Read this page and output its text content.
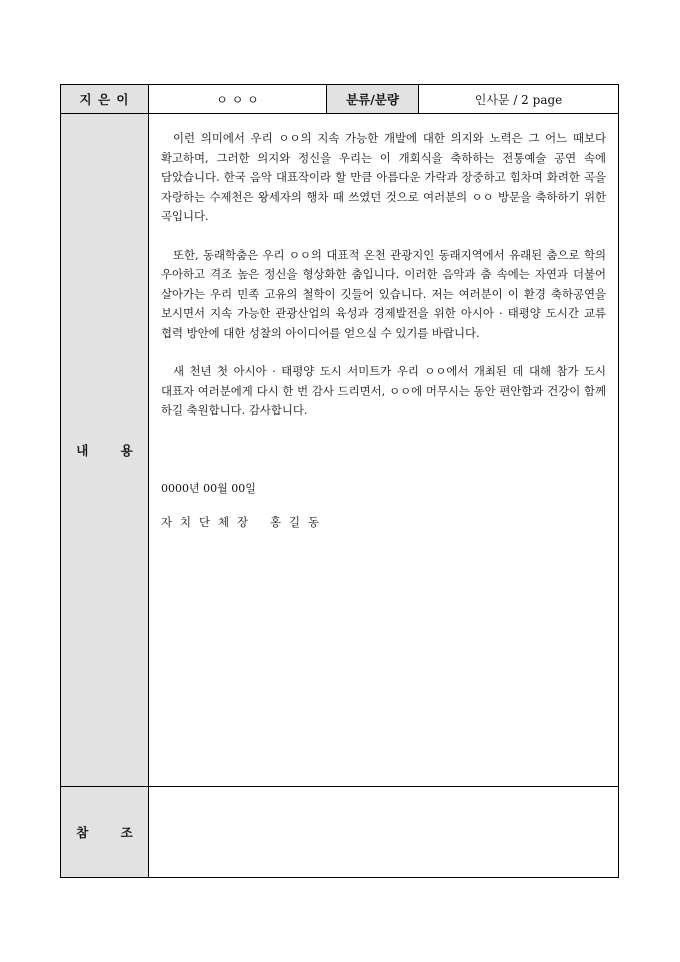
지 은 이	ㅇ ㅇ ㅇ	분류/분량	인사문 / 2 page
내 용	이런 의미에서 우리 ㅇㅇ의 지속 가능한 개발에 대한 의지와 노력은 그 어느 때보다 확고하며, 그러한 의지와 정신을 우리는 이 개회식을 축하하는 전통예술 공연 속에 담았습니다. 한국 음악 대표작이라 할 만큼 아름다운 가락과 장중하고 힘차며 화려한 곡을 자랑하는 수제천은 왕세자의 행차 때 쓰였던 것으로 여러분의 ㅇㅇ 방문을 축하하기 위한 곡입니다.

또한, 동래학춤은 우리 ㅇㅇ의 대표적 온천 관광지인 동래지역에서 유래된 춤으로 학의 우아하고 격조 높은 정신을 형상화한 춤입니다. 이러한 음악과 춤 속에는 자연과 더불어 살아가는 우리 민족 고유의 철학이 깃들어 있습니다. 저는 여러분이 이 환경 축하공연을 보시면서 지속 가능한 관광산업의 육성과 경제발전을 위한 아시아 · 태평양 도시간 교류 협력 방안에 대한 성찰의 아이디어를 얻으실 수 있기를 바랍니다.

새 천년 첫 아시아 · 태평양 도시 서미트가 우리 ㅇㅇ에서 개최된 데 대해 참가 도시 대표자 여러분에게 다시 한 번 감사 드리면서, ㅇㅇ에 머무시는 동안 편안함과 건강이 함께 하길 축원합니다. 감사합니다.

0000년 00월 00일

자치단체장 홍길동		

참 조			
